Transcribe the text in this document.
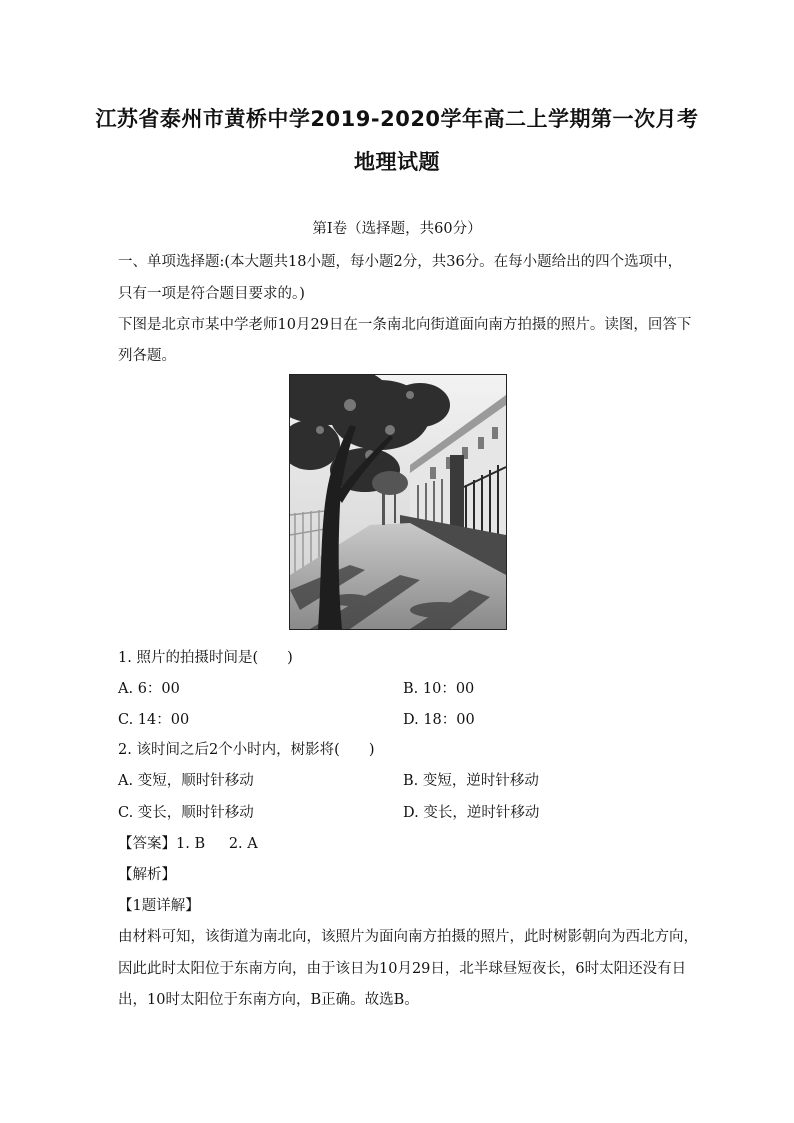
江苏省泰州市黄桥中学2019-2020学年高二上学期第一次月考
地理试题
第Ⅰ卷（选择题，共60分）
一、单项选择题:(本大题共18小题，每小题2分，共36分。在每小题给出的四个选项中，
只有一项是符合题目要求的。)
下图是北京市某中学老师10月29日在一条南北向街道面向南方拍摄的照片。读图，回答下
列各题。
1. 照片的拍摄时间是(　　)
A. 6：00	B. 10：00
C. 14：00	D. 18：00
2. 该时间之后2个小时内，树影将(　　)
A. 变短，顺时针移动	B. 变短，逆时针移动
C. 变长，顺时针移动	D. 变长，逆时针移动
【答案】1. B　  2. A
【解析】
【1题详解】
由材料可知，该街道为南北向，该照片为面向南方拍摄的照片，此时树影朝向为西北方向，
因此此时太阳位于东南方向，由于该日为10月29日，北半球昼短夜长，6时太阳还没有日
出，10时太阳位于东南方向，B正确。故选B。
